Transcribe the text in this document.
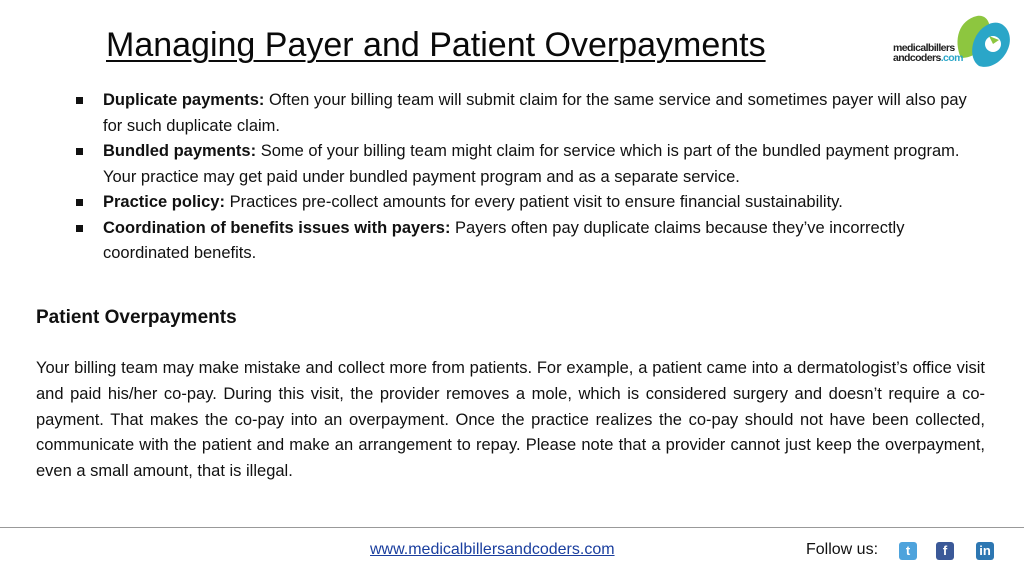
Managing Payer and Patient Overpayments	medicalbillers
andcoders.com
Duplicate payments: Often your billing team will submit claim for the same service and sometimes payer will also pay for such duplicate claim.
Bundled payments: Some of your billing team might claim for service which is part of the bundled payment program. Your practice may get paid under bundled payment program and as a separate service.
Practice policy: Practices pre-collect amounts for every patient visit to ensure financial sustainability.
Coordination of benefits issues with payers: Payers often pay duplicate claims because they’ve incorrectly coordinated benefits.
Patient Overpayments

Your billing team may make mistake and collect more from patients. For example, a patient came into a dermatologist’s office visit and paid his/her co-pay. During this visit, the provider removes a mole, which is considered surgery and doesn’t require a co-payment. That makes the co-pay into an overpayment. Once the practice realizes the co-pay should not have been collected, communicate with the patient and make an arrangement to repay. Please note that a provider cannot just keep the overpayment, even a small amount, that is illegal.

www.medicalbillersandcoders.com	Follow us:	t	f	in
